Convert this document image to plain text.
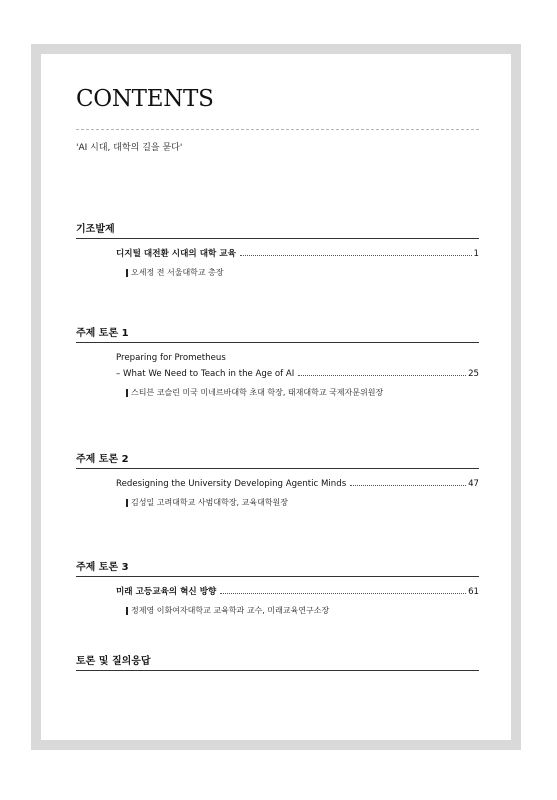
CONTENTS
'AI 시대, 대학의 길을 묻다'
기조발제
디지털 대전환 시대의 대학 교육	1
오세정 전 서울대학교 총장
주제 토론 1
Preparing for Prometheus
– What We Need to Teach in the Age of AI	25
스티븐 코슬린 미국 미네르바대학 초대 학장, 태재대학교 국제자문위원장
주제 토론 2
Redesigning the University Developing Agentic Minds	47
김성일 고려대학교 사범대학장, 교육대학원장
주제 토론 3
미래 고등교육의 혁신 방향	61
정제영 이화여자대학교 교육학과 교수, 미래교육연구소장
토론 및 질의응답
